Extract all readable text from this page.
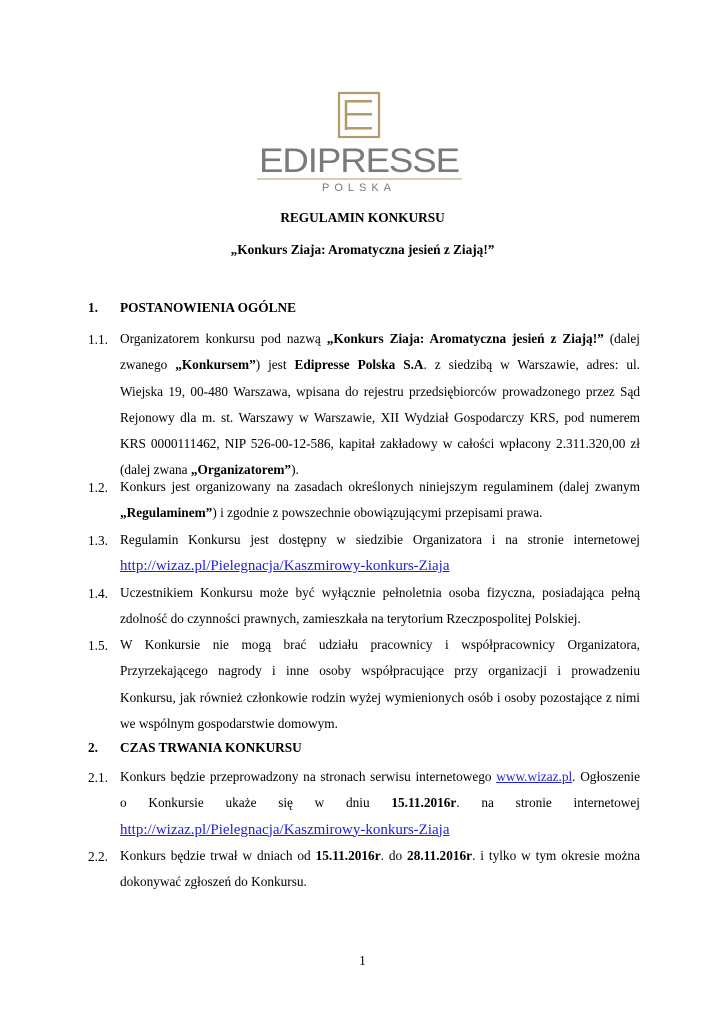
EDIPRESSE
POLSKA
REGULAMIN KONKURSU
„Konkurs Ziaja: Aromatyczna jesień z Ziają!”
1. POSTANOWIENIA OGÓLNE
1.1. Organizatorem konkursu pod nazwą „Konkurs Ziaja: Aromatyczna jesień z Ziają!” (dalej
zwanego „Konkursem”) jest Edipresse Polska S.A. z siedzibą w Warszawie, adres: ul.
Wiejska 19, 00-480 Warszawa, wpisana do rejestru przedsiębiorców prowadzonego przez Sąd
Rejonowy dla m. st. Warszawy w Warszawie, XII Wydział Gospodarczy KRS, pod numerem
KRS 0000111462, NIP 526-00-12-586, kapitał zakładowy w całości wpłacony 2.311.320,00 zł
(dalej zwana „Organizatorem”).
1.2. Konkurs jest organizowany na zasadach określonych niniejszym regulaminem (dalej zwanym
„Regulaminem”) i zgodnie z powszechnie obowiązującymi przepisami prawa.
1.3. Regulamin Konkursu jest dostępny w siedzibie Organizatora i na stronie internetowej
http://wizaz.pl/Pielegnacja/Kaszmirowy-konkurs-Ziaja
1.4. Uczestnikiem Konkursu może być wyłącznie pełnoletnia osoba fizyczna, posiadająca pełną
zdolność do czynności prawnych, zamieszkała na terytorium Rzeczpospolitej Polskiej.
1.5. W Konkursie nie mogą brać udziału pracownicy i współpracownicy Organizatora,
Przyrzekającego nagrody i inne osoby współpracujące przy organizacji i prowadzeniu
Konkursu, jak również członkowie rodzin wyżej wymienionych osób i osoby pozostające z nimi
we wspólnym gospodarstwie domowym.
2. CZAS TRWANIA KONKURSU
2.1. Konkurs będzie przeprowadzony na stronach serwisu internetowego www.wizaz.pl. Ogłoszenie
o Konkursie ukaże się w dniu 15.11.2016r. na stronie internetowej
http://wizaz.pl/Pielegnacja/Kaszmirowy-konkurs-Ziaja
2.2. Konkurs będzie trwał w dniach od 15.11.2016r. do 28.11.2016r. i tylko w tym okresie można
dokonywać zgłoszeń do Konkursu.
1
